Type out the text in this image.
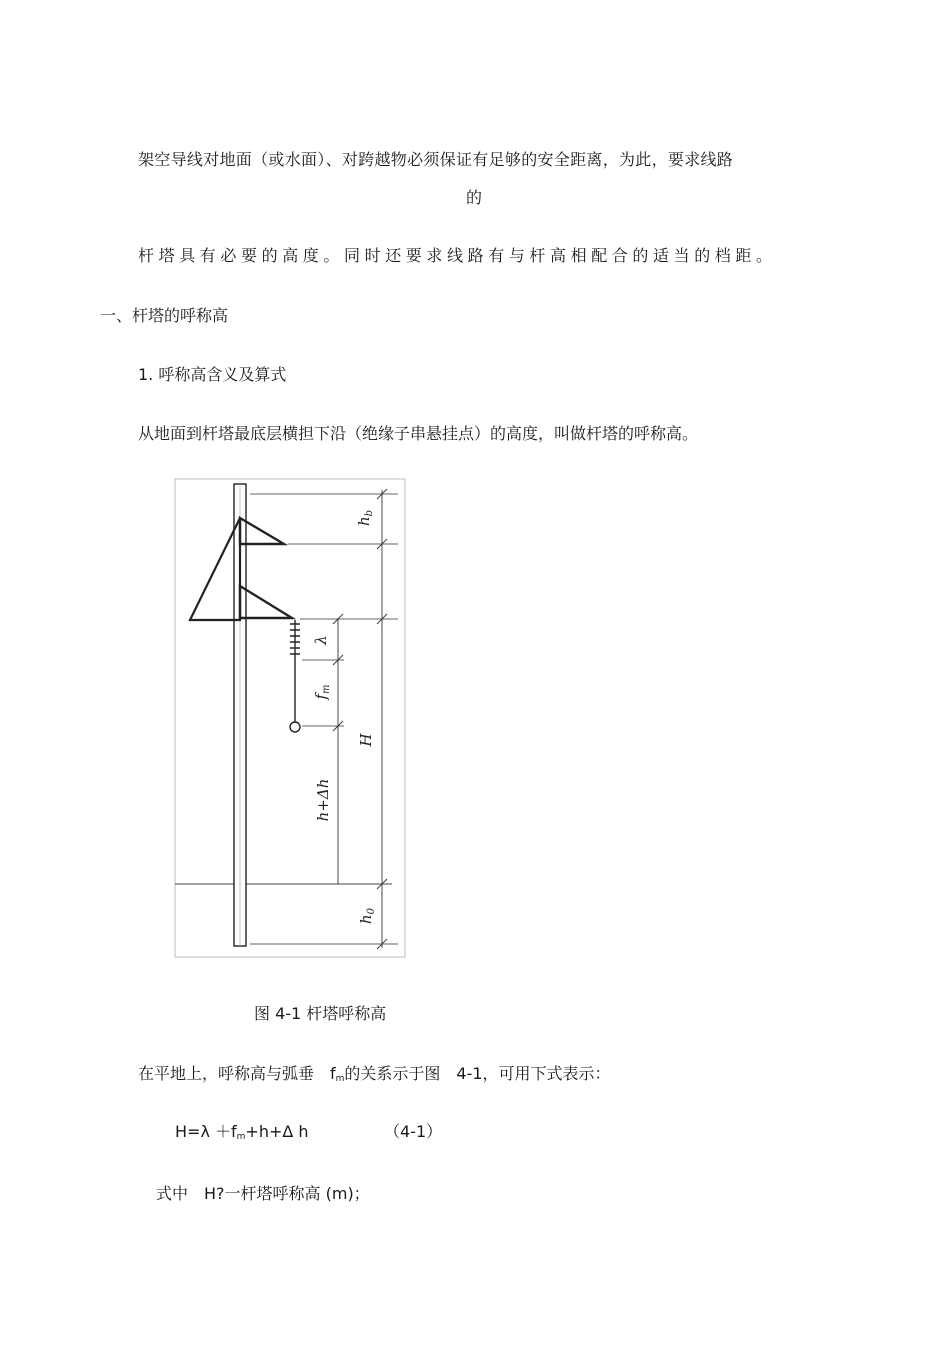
架空导线对地面（或水面）、对跨越物必须保证有足够的安全距离，为此，要求线路
的
杆塔具有必要的高度。同时还要求线路有与杆高相配合的适当的档距。
一、杆塔的呼称高
1. 呼称高含义及算式
从地面到杆塔最底层横担下沿（绝缘子串悬挂点）的高度，叫做杆塔的呼称高。
$h_b$
λ
$f_m$
H
h+Δh
$h_0$
图 4-1 杆塔呼称高
在平地上，呼称高与弧垂　$f_m$的关系示于图　4-1，可用下式表示：
$H=\lambda +f_m+h+\Delta$ h	（4-1）
式中　H?一杆塔呼称高 (m)；
